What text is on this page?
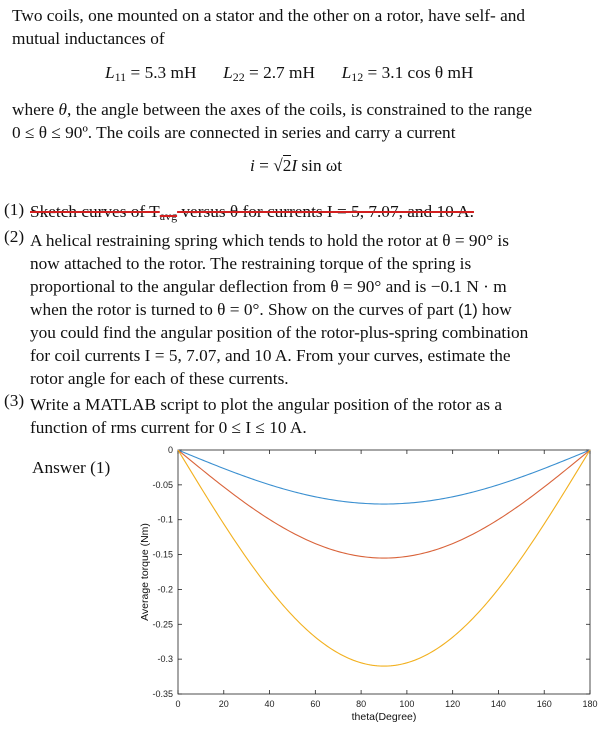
Two coils, one mounted on a stator and the other on a rotor, have self- and
mutual inductances of
$L_{11} = 5.3$ mH $L_{22} = 2.7$ mH $L_{12} = 3.1$ cos θ mH
where θ, the angle between the axes of the coils, is constrained to the range
0 ≤ θ ≤ 90º. The coils are connected in series and carry a current
i = √2I sin ωt
(1) Sketch curves of $T_{avg}$ versus θ for currents I = 5, 7.07, and 10 A.
(2) A helical restraining spring which tends to hold the rotor at θ = 90° is
now attached to the rotor. The restraining torque of the spring is
proportional to the angular deflection from θ = 90° and is −0.1 N · m
when the rotor is turned to θ = 0°. Show on the curves of part (1) how
you could find the angular position of the rotor-plus-spring combination
for coil currents I = 5, 7.07, and 10 A. From your curves, estimate the
rotor angle for each of these currents.
(3) Write a MATLAB script to plot the angular position of the rotor as a
function of rms current for 0 ≤ I ≤ 10 A.
Answer (1)
0	20	40	60	80	100	120	140	160	180
0
-0.05
-0.1
-0.15
-0.2
-0.25
-0.3
-0.35
theta(Degree)
Average torque (Nm)
